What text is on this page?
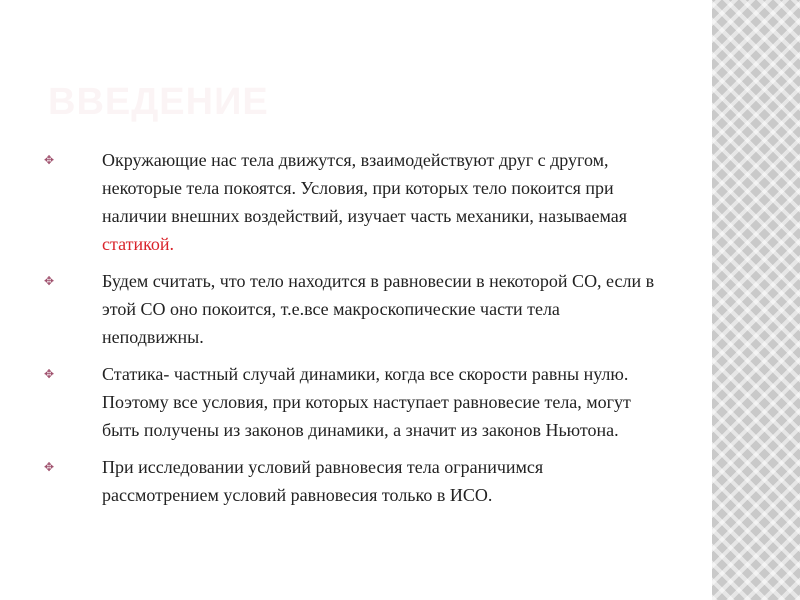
ВВЕДЕНИЕ
✥	Окружающие нас тела движутся, взаимодействуют друг с другом, некоторые тела покоятся. Условия, при которых тело покоится при наличии внешних воздействий, изучает часть механики, называемая статикой.
✥	Будем считать, что тело находится в равновесии в некоторой СО, если в этой СО оно покоится, т.е.все макроскопические части тела неподвижны.
✥	Статика- частный случай динамики, когда все скорости равны нулю. Поэтому все условия, при которых наступает равновесие тела, могут быть получены из законов динамики, а значит из законов Ньютона.
✥	При исследовании условий равновесия тела ограничимся рассмотрением условий равновесия только в ИСО.
